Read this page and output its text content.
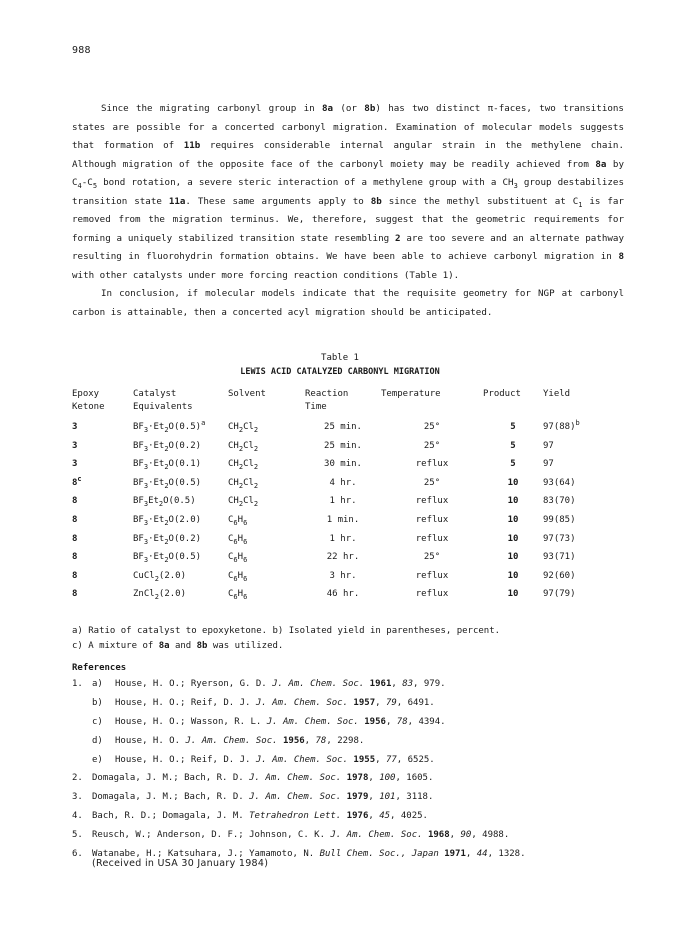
988

Since the migrating carbonyl group in 8a (or 8b) has two distinct π-faces, two transitions states are possible for a concerted carbonyl migration. Examination of molecular models suggests that formation of 11b requires considerable internal angular strain in the methylene chain. Although migration of the opposite face of the carbonyl moiety may be readily achieved from 8a by $C_4-C_5$ bond rotation, a severe steric interaction of a methylene group with a $CH_3$ group destabilizes transition state 11a. These same arguments apply to 8b since the methyl substituent at $C_1$ is far removed from the migration terminus. We, therefore, suggest that the geometric requirements for forming a uniquely stabilized transition state resembling 2 are too severe and an alternate pathway resulting in fluorohydrin formation obtains. We have been able to achieve carbonyl migration in 8 with other catalysts under more forcing reaction conditions (Table 1).

In conclusion, if molecular models indicate that the requisite geometry for NGP at carbonyl carbon is attainable, then a concerted acyl migration should be anticipated.

Table 1
LEWIS ACID CATALYZED CARBONYL MIGRATION
Epoxy
Ketone	Catalyst
Equivalents	Solvent	Reaction
Time	Temperature	Product	Yield
3	$BF_3\cdot Et_2O(0.5)^a$	$CH_2Cl_2$	25 min.	25°	5	$97(88)^b$
3	$BF_3\cdot Et_2O(0.2)$	$CH_2Cl_2$	25 min.	25°	5	97
3	$BF_3\cdot Et_2O(0.1)$	$CH_2Cl_2$	30 min.	reflux	5	97
8$^c$	$BF_3\cdot Et_2O(0.5)$	$CH_2Cl_2$	4 hr.	25°	10	93(64)
8	$BF_3Et_2O(0.5)$	$CH_2Cl_2$	1 hr.	reflux	10	83(70)
8	$BF_3\cdot Et_2O(2.0)$	$C_6H_6$	1 min.	reflux	10	99(85)
8	$BF_3\cdot Et_2O(0.2)$	$C_6H_6$	1 hr.	reflux	10	97(73)
8	$BF_3\cdot Et_2O(0.5)$	$C_6H_6$	22 hr.	25°	10	93(71)
8	CuCl$_2$(2.0)	$C_6H_6$	3 hr.	reflux	10	92(60)
8	ZnCl$_2$(2.0)	$C_6H_6$	46 hr.	reflux	10	97(79)

a) Ratio of catalyst to epoxyketone. b) Isolated yield in parentheses, percent.

c) A mixture of 8a and 8b was utilized.

References
1.	a)	House, H. O.; Ryerson, G. D. J. Am. Chem. Soc. 1961 , 83 , 979.
b)	House, H. O.; Reif, D. J. J. Am. Chem. Soc. 1957 , 79 , 6491.
c)	House, H. O.; Wasson, R. L. J. Am. Chem. Soc. 1956 , 78 , 4394.
d)	House, H. O. J. Am. Chem. Soc. 1956 , 78 , 2298.
e)	House, H. O.; Reif, D. J. J. Am. Chem. Soc. 1955 , 77 , 6525.
2.	Domagala, J. M.; Bach, R. D. J. Am. Chem. Soc. 1978 , 100 , 1605.
3.	Domagala, J. M.; Bach, R. D. J. Am. Chem. Soc. 1979 , 101 , 3118.
4.	Bach, R. D.; Domagala, J. M. Tetrahedron Lett. 1976 , 45 , 4025.
5.	Reusch, W.; Anderson, D. F.; Johnson, C. K. J. Am. Chem. Soc. 1968 , 90 , 4988.
6.	Watanabe, H.; Katsuhara, J.; Yamamoto, N. Bull Chem. Soc., Japan 1971 , 44 , 1328.
(Received in USA 30 January 1984)
